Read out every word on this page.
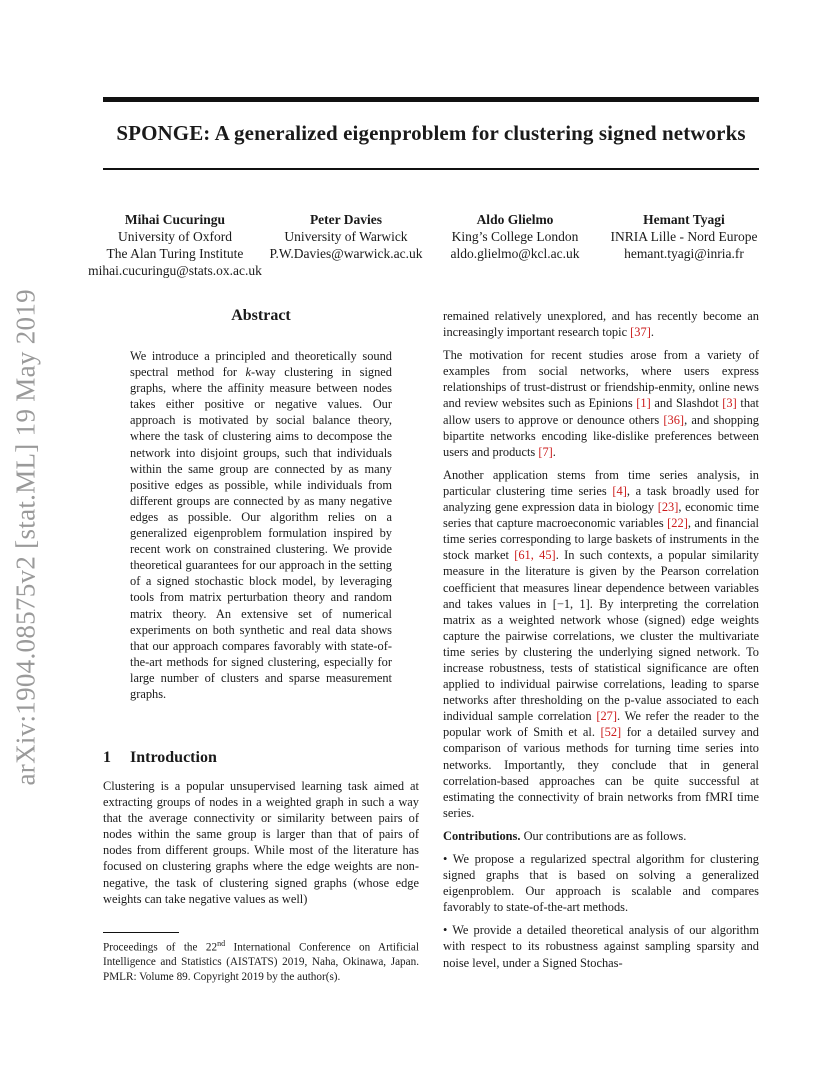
arXiv:1904.08575v2 [stat.ML] 19 May 2019
SPONGE: A generalized eigenproblem for clustering signed networks
Mihai Cucuringu
University of Oxford
The Alan Turing Institute
mihai.cucuringu@stats.ox.ac.uk
Peter Davies
University of Warwick
P.W.Davies@warwick.ac.uk
Aldo Glielmo
King’s College London
aldo.glielmo@kcl.ac.uk
Hemant Tyagi
INRIA Lille - Nord Europe
hemant.tyagi@inria.fr
Abstract
We introduce a principled and theoretically sound spectral method for k-way clustering in signed graphs, where the affinity measure between nodes takes either positive or negative values. Our approach is motivated by social balance theory, where the task of clustering aims to decompose the network into disjoint groups, such that individuals within the same group are connected by as many positive edges as possible, while individuals from different groups are connected by as many negative edges as possible. Our algorithm relies on a generalized eigenproblem formulation inspired by recent work on constrained clustering. We provide theoretical guarantees for our approach in the setting of a signed stochastic block model, by leveraging tools from matrix perturbation theory and random matrix theory. An extensive set of numerical experiments on both synthetic and real data shows that our approach compares favorably with state-of-the-art methods for signed clustering, especially for large number of clusters and sparse measurement graphs.
1 Introduction
Clustering is a popular unsupervised learning task aimed at extracting groups of nodes in a weighted graph in such a way that the average connectivity or similarity between pairs of nodes within the same group is larger than that of pairs of nodes from different groups. While most of the literature has focused on clustering graphs where the edge weights are non-negative, the task of clustering signed graphs (whose edge weights can take negative values as well)
Proceedings of the 22nd International Conference on Artificial Intelligence and Statistics (AISTATS) 2019, Naha, Okinawa, Japan. PMLR: Volume 89. Copyright 2019 by the author(s).

remained relatively unexplored, and has recently become an increasingly important research topic [37].

The motivation for recent studies arose from a variety of examples from social networks, where users express relationships of trust-distrust or friendship-enmity, online news and review websites such as Epinions [1] and Slashdot [3] that allow users to approve or denounce others [36], and shopping bipartite networks encoding like-dislike preferences between users and products [7].

Another application stems from time series analysis, in particular clustering time series [4], a task broadly used for analyzing gene expression data in biology [23], economic time series that capture macroeconomic variables [22], and financial time series corresponding to large baskets of instruments in the stock market [61, 45]. In such contexts, a popular similarity measure in the literature is given by the Pearson correlation coefficient that measures linear dependence between variables and takes values in [−1, 1]. By interpreting the correlation matrix as a weighted network whose (signed) edge weights capture the pairwise correlations, we cluster the multivariate time series by clustering the underlying signed network. To increase robustness, tests of statistical significance are often applied to individual pairwise correlations, leading to sparse networks after thresholding on the p-value associated to each individual sample correlation [27]. We refer the reader to the popular work of Smith et al. [52] for a detailed survey and comparison of various methods for turning time series into networks. Importantly, they conclude that in general correlation-based approaches can be quite successful at estimating the connectivity of brain networks from fMRI time series.

Contributions. Our contributions are as follows.

• We propose a regularized spectral algorithm for clustering signed graphs that is based on solving a generalized eigenproblem. Our approach is scalable and compares favorably to state-of-the-art methods.

• We provide a detailed theoretical analysis of our algorithm with respect to its robustness against sampling sparsity and noise level, under a Signed Stochas-
